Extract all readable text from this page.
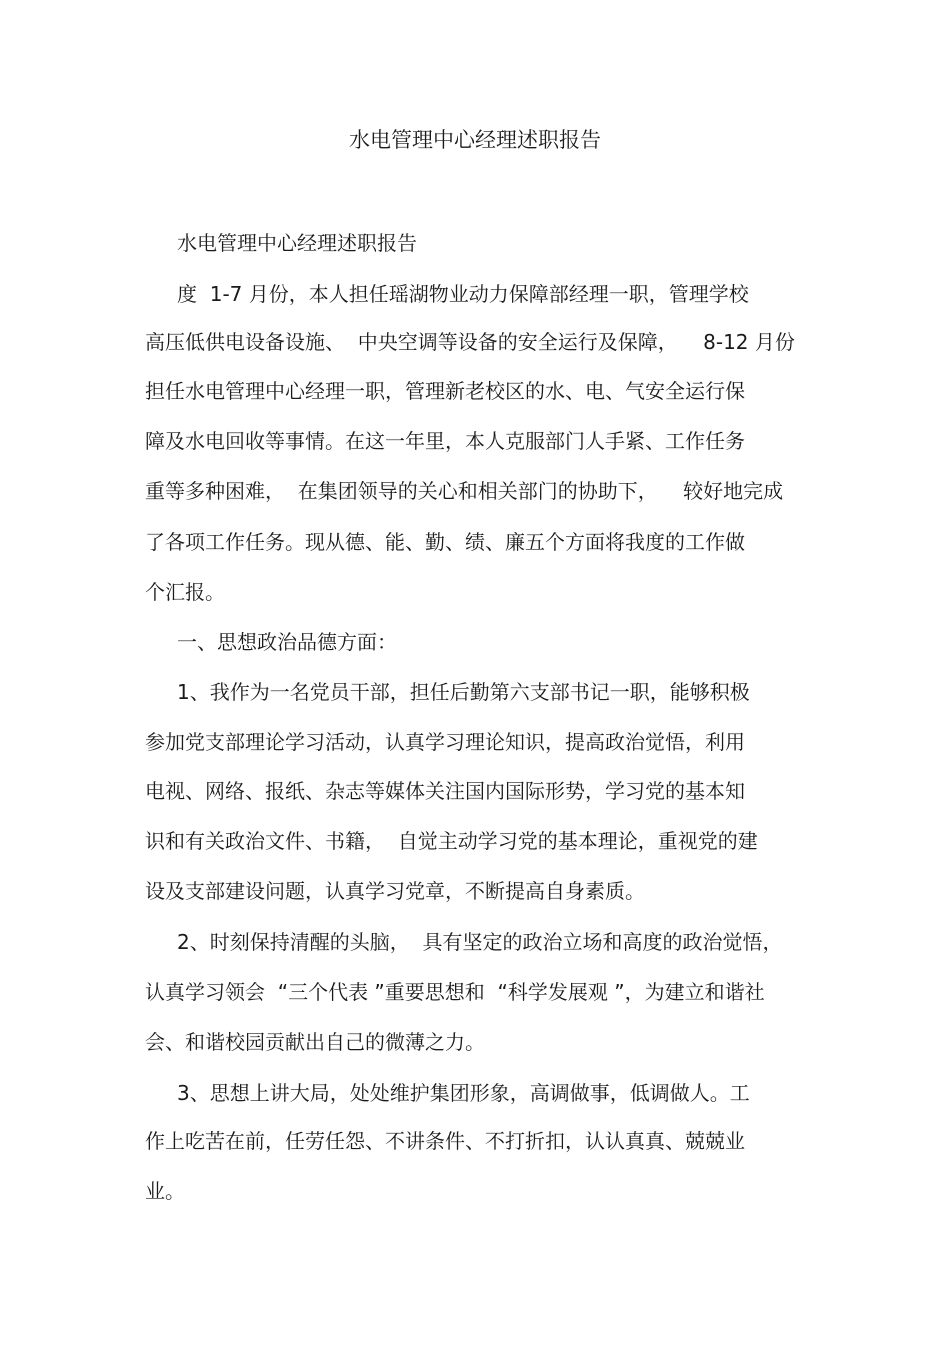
水电管理中心经理述职报告
水电管理中心经理述职报告
度  1-7 月份，本人担任瑶湖物业动力保障部经理一职，管理学校
高压低供电设备设施、  中央空调等设备的安全运行及保障，    8-12 月份
担任水电管理中心经理一职，管理新老校区的水、电、气安全运行保
障及水电回收等事情。在这一年里，本人克服部门人手紧、工作任务
重等多种困难，  在集团领导的关心和相关部门的协助下，    较好地完成
了各项工作任务。现从德、能、勤、绩、廉五个方面将我度的工作做
个汇报。
一、思想政治品德方面：
1、我作为一名党员干部，担任后勤第六支部书记一职，能够积极
参加党支部理论学习活动，认真学习理论知识，提高政治觉悟，利用
电视、网络、报纸、杂志等媒体关注国内国际形势，学习党的基本知
识和有关政治文件、书籍，  自觉主动学习党的基本理论，重视党的建
设及支部建设问题，认真学习党章，不断提高自身素质。
2、时刻保持清醒的头脑，  具有坚定的政治立场和高度的政治觉悟，
认真学习领会  “三个代表 ”重要思想和  “科学发展观 ”，为建立和谐社
会、和谐校园贡献出自己的微薄之力。
3、思想上讲大局，处处维护集团形象，高调做事，低调做人。工
作上吃苦在前，任劳任怨、不讲条件、不打折扣，认认真真、兢兢业
业。
